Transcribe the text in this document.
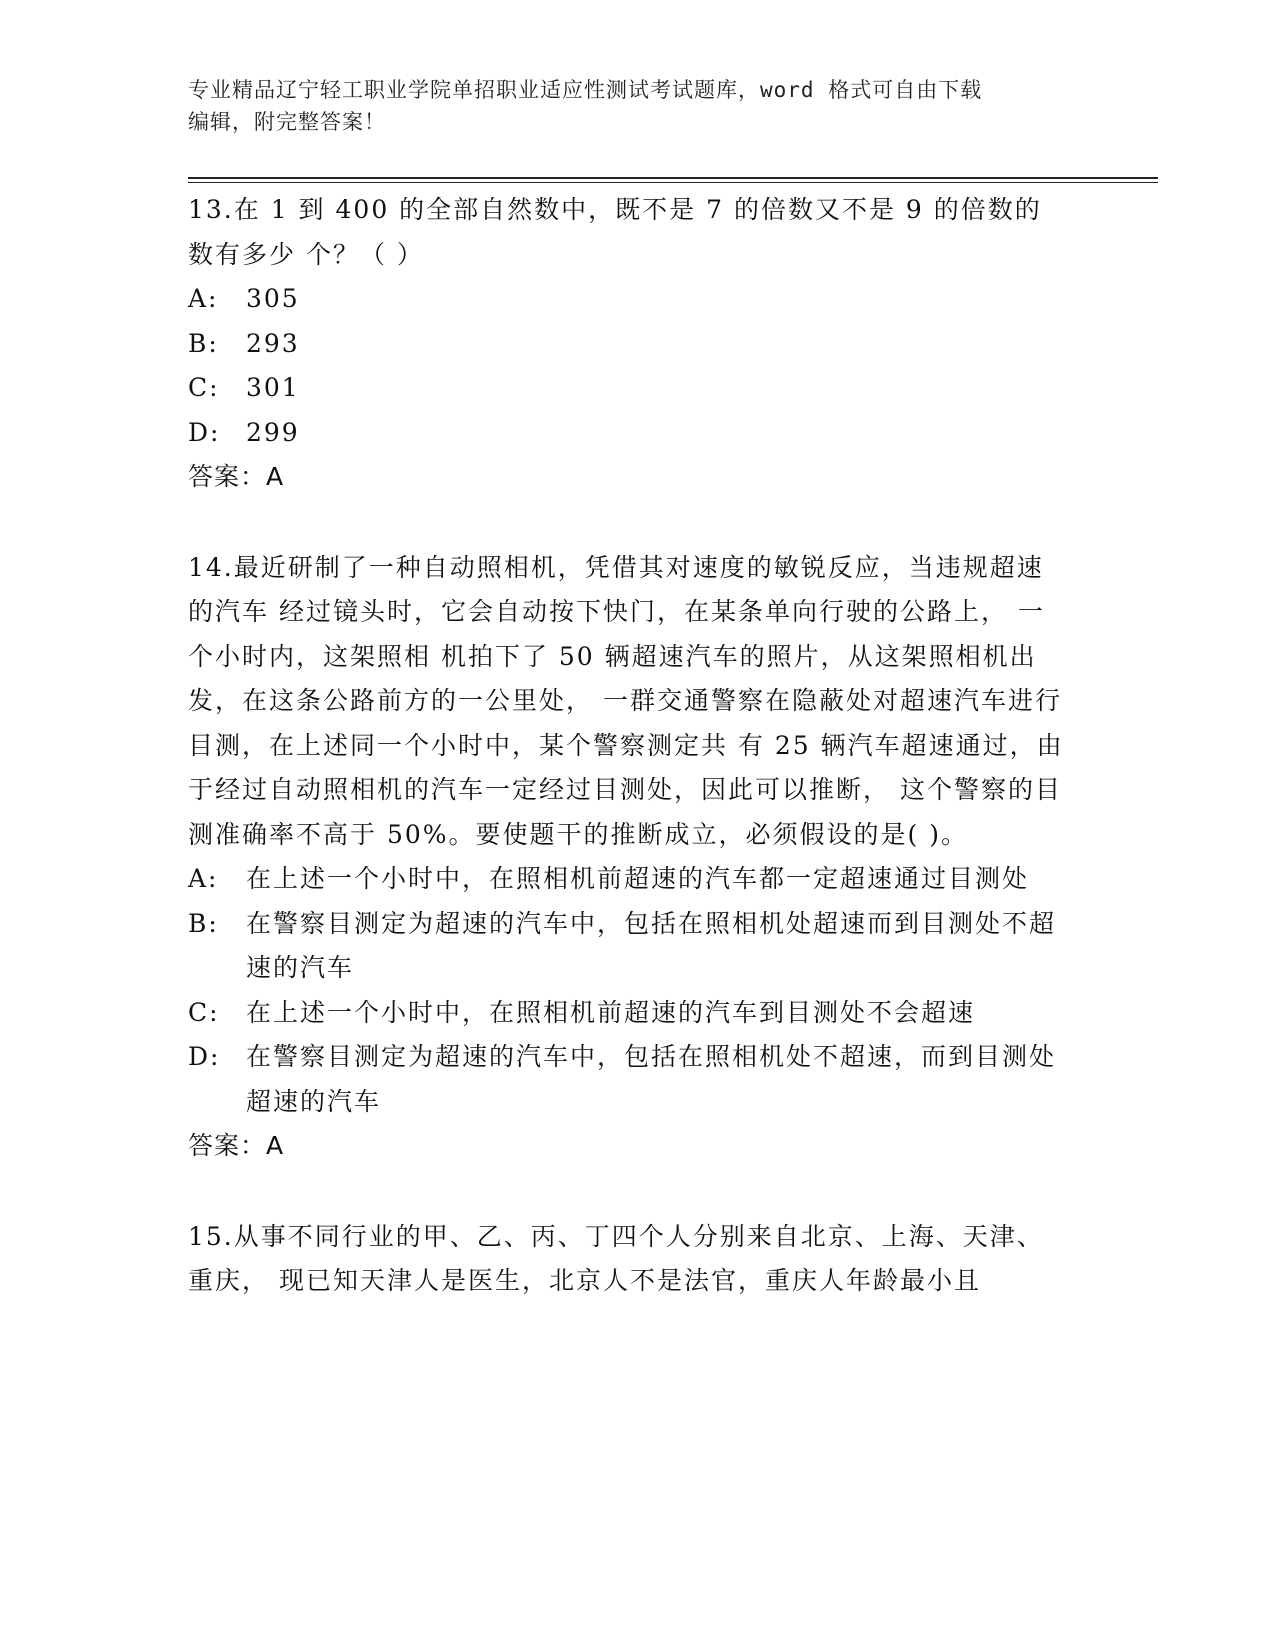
专业精品辽宁轻工职业学院单招职业适应性测试考试题库，word 格式可自由下载
编辑，附完整答案！

13.在 1 到 400 的全部自然数中，既不是 7 的倍数又不是 9 的倍数的数有多少 个？（ ）

A:	305

B:	293

C:	301

D:	299

答案：A

14.最近研制了一种自动照相机，凭借其对速度的敏锐反应，当违规超速的汽车 经过镜头时，它会自动按下快门，在某条单向行驶的公路上， 一个小时内，这架照相 机拍下了 50 辆超速汽车的照片，从这架照相机出发，在这条公路前方的一公里处， 一群交通警察在隐蔽处对超速汽车进行目测，在上述同一个小时中，某个警察测定共 有 25 辆汽车超速通过，由于经过自动照相机的汽车一定经过目测处，因此可以推断， 这个警察的目测准确率不高于 50%。要使题干的推断成立，必须假设的是( )。

A:	在上述一个小时中，在照相机前超速的汽车都一定超速通过目测处

B:	在警察目测定为超速的汽车中，包括在照相机处超速而到目测处不超速的汽车

C:	在上述一个小时中，在照相机前超速的汽车到目测处不会超速

D:	在警察目测定为超速的汽车中，包括在照相机处不超速，而到目测处超速的汽车

答案：A

15.从事不同行业的甲、乙、丙、丁四个人分别来自北京、上海、天津、重庆， 现已知天津人是医生，北京人不是法官，重庆人年龄最小且
